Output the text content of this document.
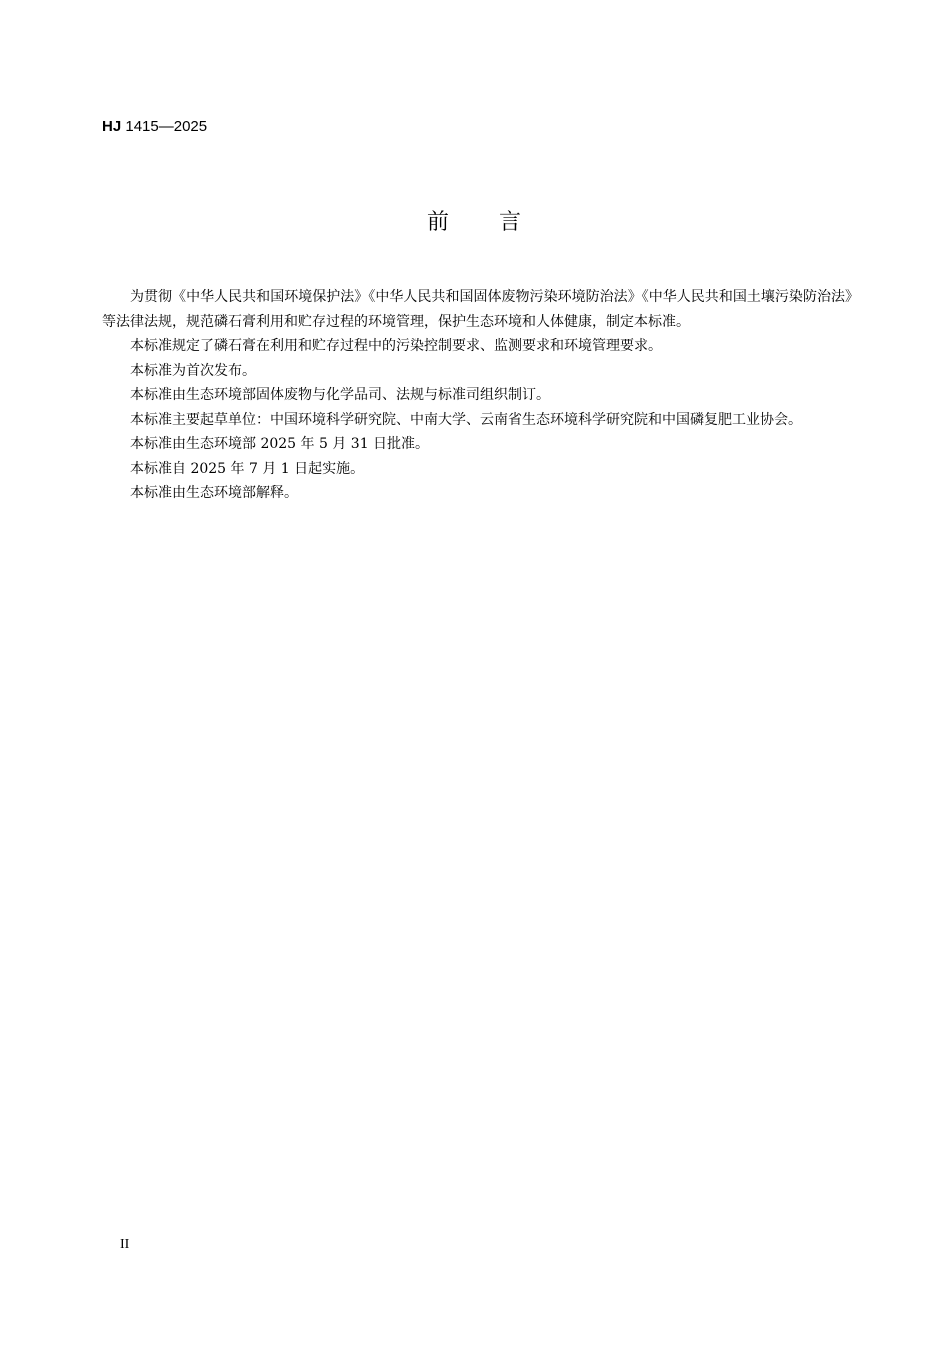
HJ 1415—2025
前　　言

为贯彻《中华人民共和国环境保护法》《中华人民共和国固体废物污染环境防治法》《中华人民共和国土壤污染防治法》等法律法规，规范磷石膏利用和贮存过程的环境管理，保护生态环境和人体健康，制定本标准。

本标准规定了磷石膏在利用和贮存过程中的污染控制要求、监测要求和环境管理要求。

本标准为首次发布。

本标准由生态环境部固体废物与化学品司、法规与标准司组织制订。

本标准主要起草单位：中国环境科学研究院、中南大学、云南省生态环境科学研究院和中国磷复肥工业协会。

本标准由生态环境部 2025 年 5 月 31 日批准。

本标准自 2025 年 7 月 1 日起实施。

本标准由生态环境部解释。

II
